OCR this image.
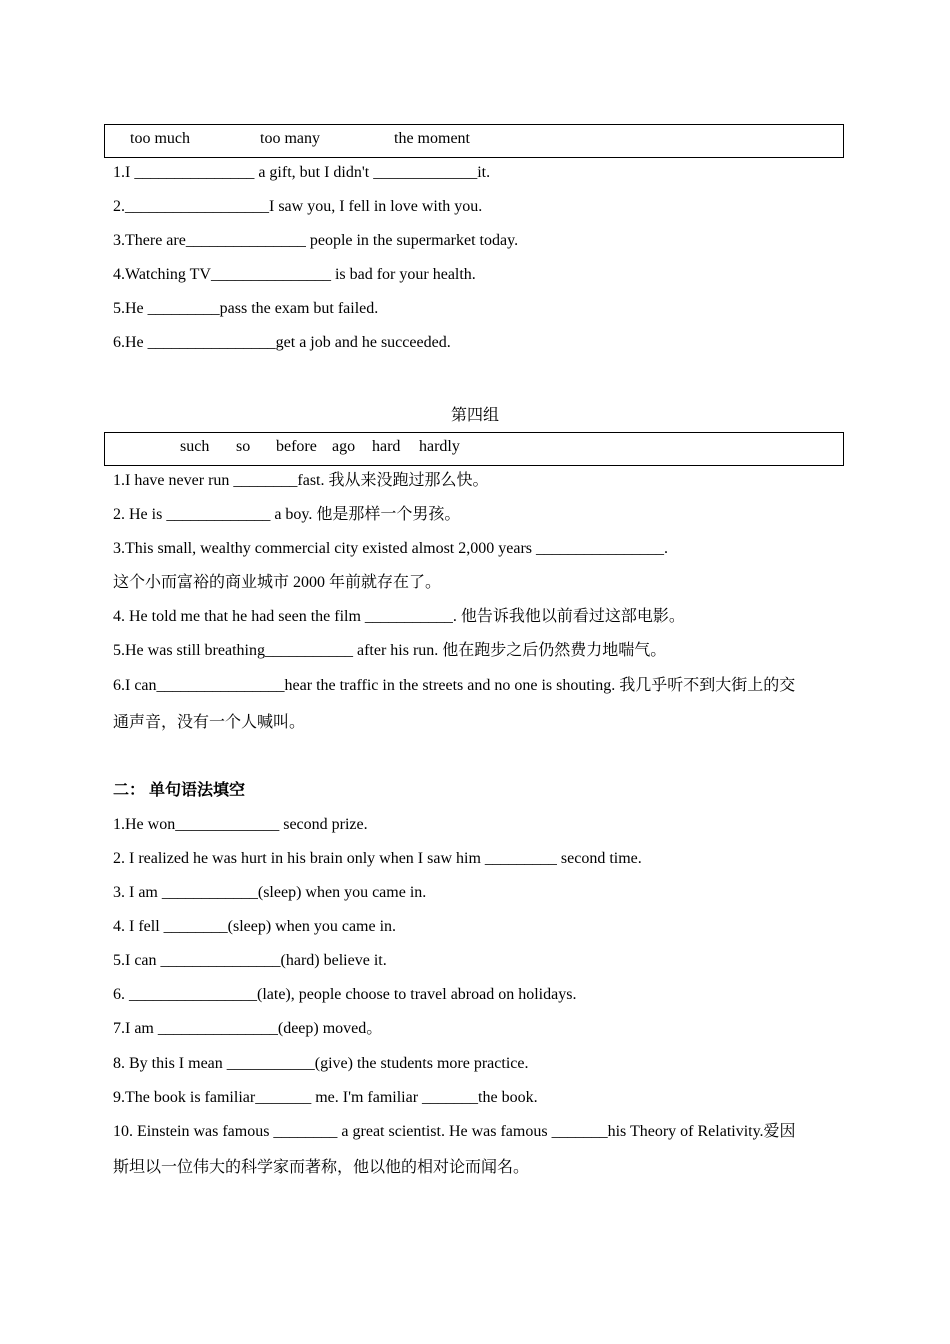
too much	too many	the moment
1.I _______________ a gift, but I didn't _____________it.
2.__________________I saw you, I fell in love with you.
3.There are_______________ people in the supermarket today.
4.Watching TV_______________ is bad for your health.
5.He _________pass the exam but failed.
6.He ________________get a job and he succeeded.
第四组
such so before ago hard hardly
1.I have never run ________fast. 我从来没跑过那么快。
2. He is _____________ a boy. 他是那样一个男孩。
3.This small, wealthy commercial city existed almost 2,000 years ________________.
这个小而富裕的商业城市 2000 年前就存在了。
4. He told me that he had seen the film ___________. 他告诉我他以前看过这部电影。
5.He was still breathing___________ after his run. 他在跑步之后仍然费力地喘气。
6.I can________________hear the traffic in the streets and no one is shouting. 我几乎听不到大街上的交
通声音，没有一个人喊叫。
二： 单句语法填空
1.He won_____________ second prize.
2. I realized he was hurt in his brain only when I saw him _________ second time.
3. I am ____________(sleep) when you came in.
4. I fell ________(sleep) when you came in.
5.I can _______________(hard) believe it.
6. ________________(late), people choose to travel abroad on holidays.
7.I am _______________(deep) moved。
8. By this I mean ___________(give) the students more practice.
9.The book is familiar_______ me. I'm familiar _______the book.
10. Einstein was famous ________ a great scientist. He was famous _______his Theory of Relativity.爱因
斯坦以一位伟大的科学家而著称，他以他的相对论而闻名。
